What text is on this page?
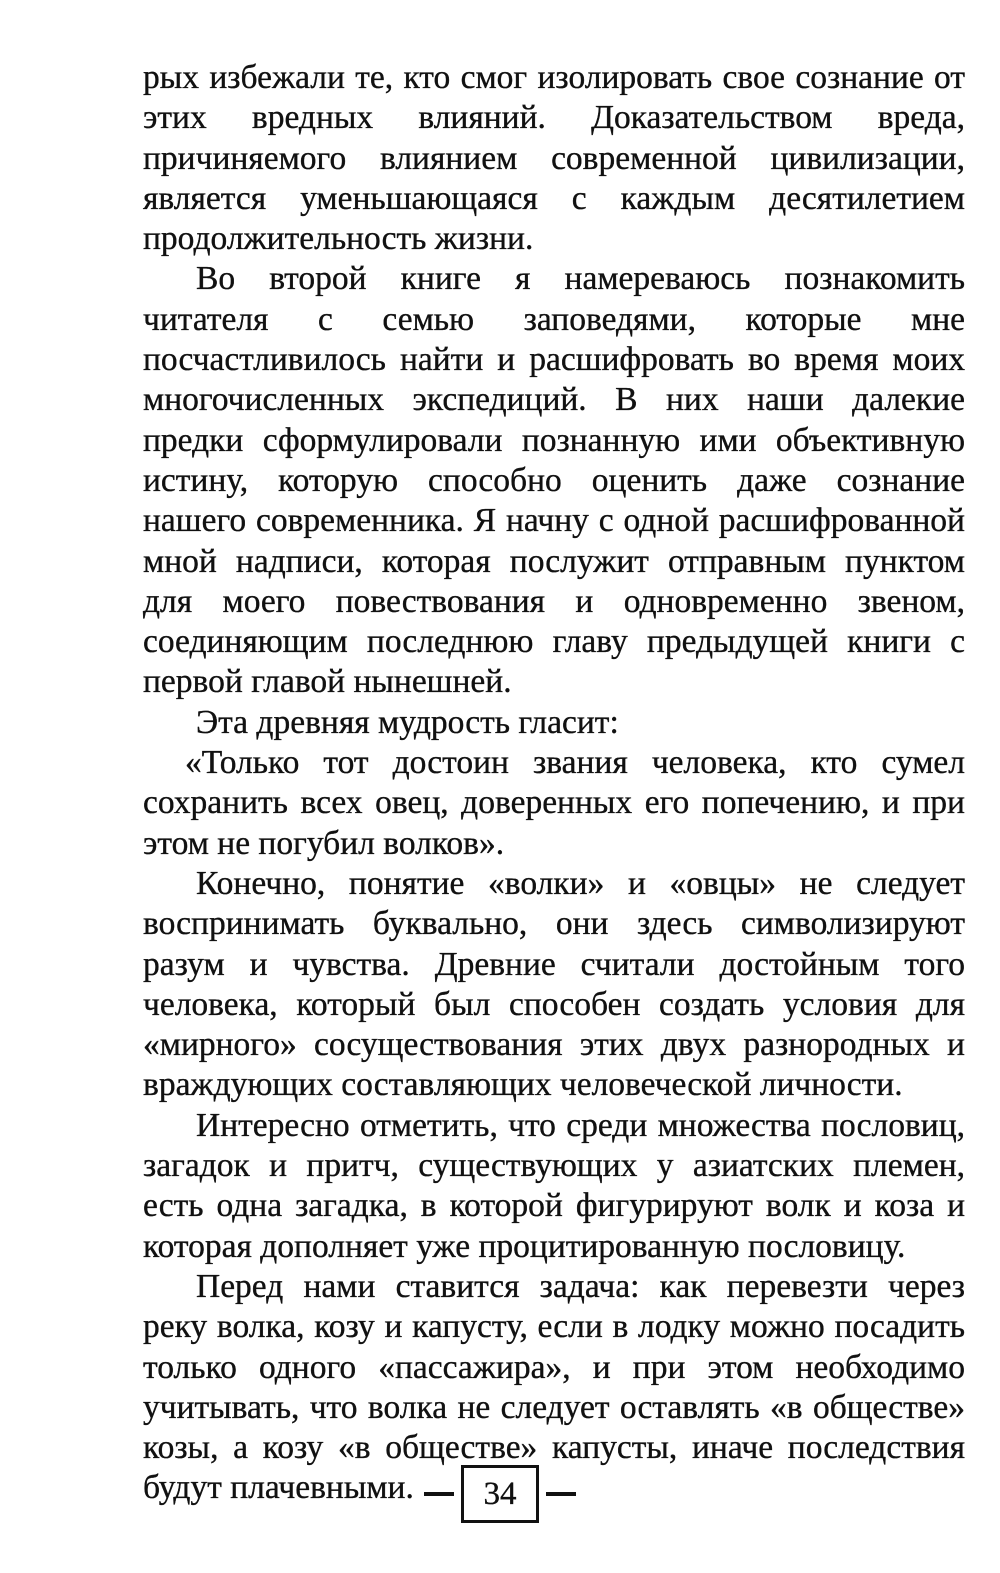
рых избежали те, кто смог изолировать свое сознание от этих вредных влияний. Доказательством вреда, причиняемого влиянием современной цивилизации, является уменьшающаяся с каждым десятилетием продолжительность жизни.

Во второй книге я намереваюсь познакомить читателя с семью заповедями, которые мне посчастливилось найти и расшифровать во время моих многочисленных экспедиций. В них наши далекие предки сформулировали познанную ими объективную истину, которую способно оценить даже сознание нашего современника. Я начну с одной расшифрованной мной надписи, которая послужит отправным пунктом для моего повествования и одновременно звеном, соединяющим последнюю главу предыдущей книги с первой главой нынешней.

Эта древняя мудрость гласит:

«Только тот достоин звания человека, кто сумел сохранить всех овец, доверенных его попечению, и при этом не погубил волков».

Конечно, понятие «волки» и «овцы» не следует воспринимать буквально, они здесь символизируют разум и чувства. Древние считали достойным того человека, который был способен создать условия для «мирного» сосуществования этих двух разнородных и враждующих составляющих человеческой личности.

Интересно отметить, что среди множества пословиц, загадок и притч, существующих у азиатских племен, есть одна загадка, в которой фигурируют волк и коза и которая дополняет уже процитированную пословицу.

Перед нами ставится задача: как перевезти через реку волка, козу и капусту, если в лодку можно посадить только одного «пассажира», и при этом необходимо учитывать, что волка не следует оставлять «в обществе» козы, а козу «в обществе» капусты, иначе последствия будут плачевными.	34
